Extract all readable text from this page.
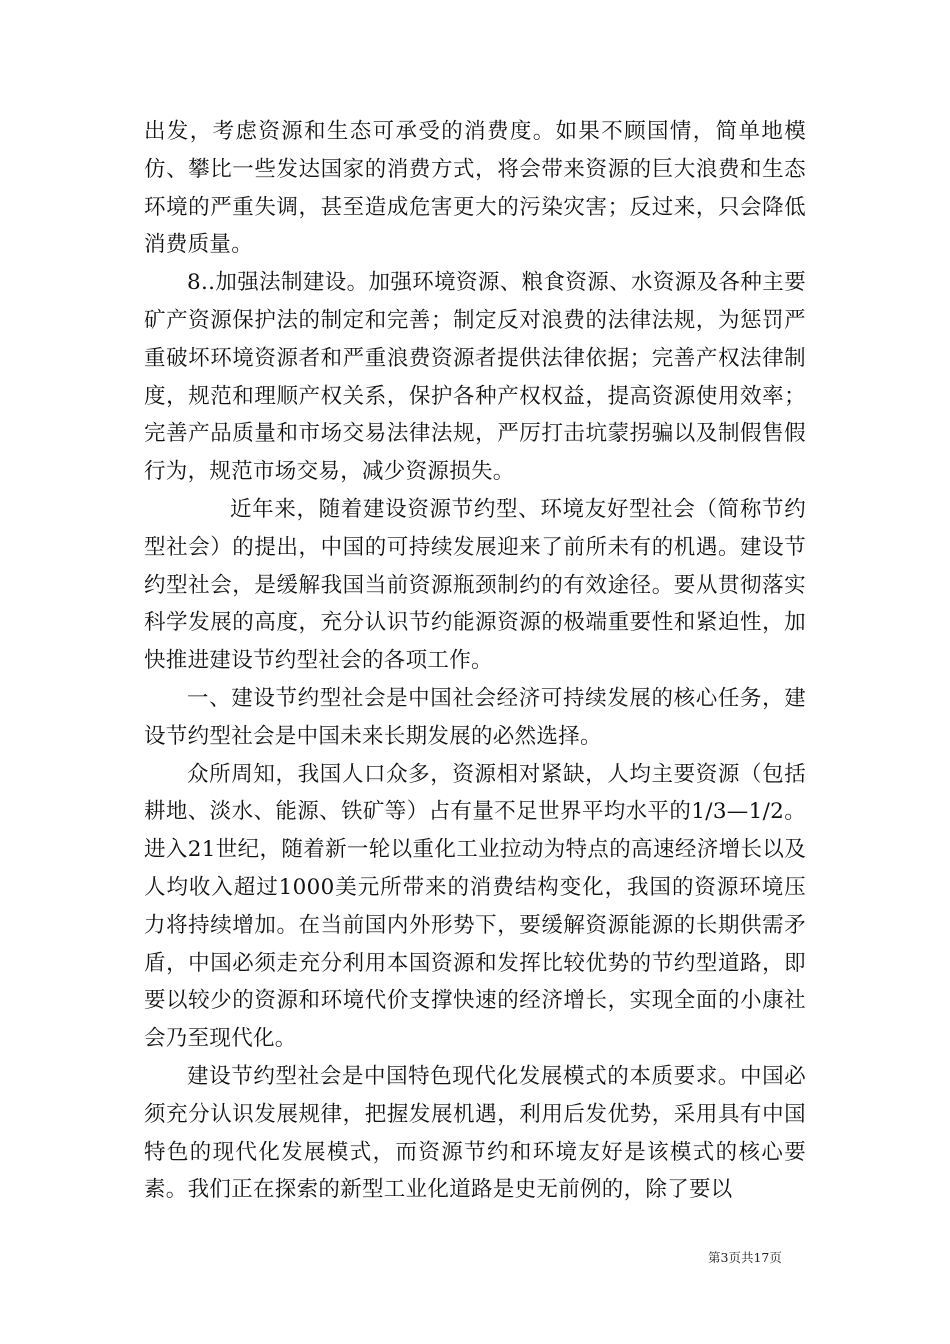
出发，考虑资源和生态可承受的消费度。如果不顾国情，简单地模仿、攀比一些发达国家的消费方式，将会带来资源的巨大浪费和生态环境的严重失调，甚至造成危害更大的污染灾害；反过来，只会降低消费质量。

8..加强法制建设。加强环境资源、粮食资源、水资源及各种主要矿产资源保护法的制定和完善；制定反对浪费的法律法规，为惩罚严重破坏环境资源者和严重浪费资源者提供法律依据；完善产权法律制度，规范和理顺产权关系，保护各种产权权益，提高资源使用效率；完善产品质量和市场交易法律法规，严厉打击坑蒙拐骗以及制假售假行为，规范市场交易，减少资源损失。

近年来，随着建设资源节约型、环境友好型社会（简称节约型社会）的提出，中国的可持续发展迎来了前所未有的机遇。建设节约型社会，是缓解我国当前资源瓶颈制约的有效途径。要从贯彻落实科学发展的高度，充分认识节约能源资源的极端重要性和紧迫性，加快推进建设节约型社会的各项工作。

一、建设节约型社会是中国社会经济可持续发展的核心任务，建设节约型社会是中国未来长期发展的必然选择。

众所周知，我国人口众多，资源相对紧缺，人均主要资源（包括耕地、淡水、能源、铁矿等）占有量不足世界平均水平的1/3—1/2。进入21世纪，随着新一轮以重化工业拉动为特点的高速经济增长以及人均收入超过1000美元所带来的消费结构变化，我国的资源环境压力将持续增加。在当前国内外形势下，要缓解资源能源的长期供需矛盾，中国必须走充分利用本国资源和发挥比较优势的节约型道路，即要以较少的资源和环境代价支撑快速的经济增长，实现全面的小康社会乃至现代化。

建设节约型社会是中国特色现代化发展模式的本质要求。中国必须充分认识发展规律，把握发展机遇，利用后发优势，采用具有中国特色的现代化发展模式，而资源节约和环境友好是该模式的核心要素。我们正在探索的新型工业化道路是史无前例的，除了要以

第3页共17页
